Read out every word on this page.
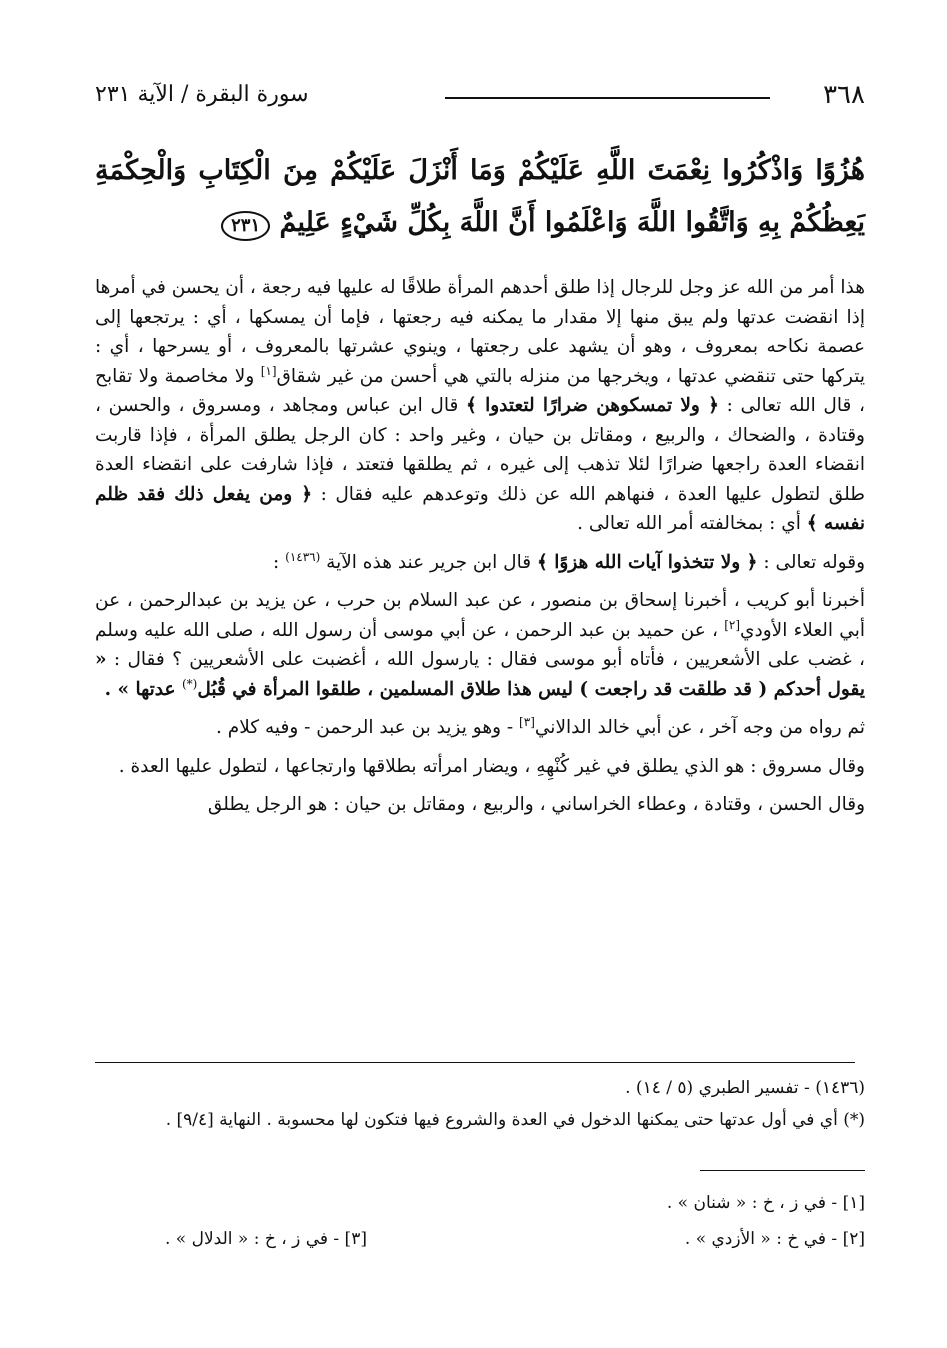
٣٦٨
سورة البقرة / الآية ٢٣١
هُزُوًا وَاذْكُرُوا نِعْمَتَ اللَّهِ عَلَيْكُمْ وَمَا أَنْزَلَ عَلَيْكُمْ مِنَ الْكِتَابِ وَالْحِكْمَةِ يَعِظُكُمْ بِهِ وَاتَّقُوا اللَّهَ وَاعْلَمُوا أَنَّ اللَّهَ بِكُلِّ شَيْءٍ عَلِيمٌ ٢٣١

هذا أمر من الله عز وجل للرجال إذا طلق أحدهم المرأة طلاقًا له عليها فيه رجعة ، أن يحسن في أمرها إذا انقضت عدتها ولم يبق منها إلا مقدار ما يمكنه فيه رجعتها ، فإما أن يمسكها ، أي : يرتجعها إلى عصمة نكاحه بمعروف ، وهو أن يشهد على رجعتها ، وينوي عشرتها بالمعروف ، أو يسرحها ، أي : يتركها حتى تنقضي عدتها ، ويخرجها من منزله بالتي هي أحسن من غير شقاق[١] ولا مخاصمة ولا تقابح ، قال الله تعالى : ﴿ ولا تمسكوهن ضرارًا لتعتدوا ﴾ قال ابن عباس ومجاهد ، ومسروق ، والحسن ، وقتادة ، والضحاك ، والربيع ، ومقاتل بن حيان ، وغير واحد : كان الرجل يطلق المرأة ، فإذا قاربت انقضاء العدة راجعها ضرارًا لئلا تذهب إلى غيره ، ثم يطلقها فتعتد ، فإذا شارفت على انقضاء العدة طلق لتطول عليها العدة ، فنهاهم الله عن ذلك وتوعدهم عليه فقال : ﴿ ومن يفعل ذلك فقد ظلم نفسه ﴾ أي : بمخالفته أمر الله تعالى .

وقوله تعالى : ﴿ ولا تتخذوا آيات الله هزوًا ﴾ قال ابن جرير عند هذه الآية $^{(١٤٣٦)}$ :

أخبرنا أبو كريب ، أخبرنا إسحاق بن منصور ، عن عبد السلام بن حرب ، عن يزيد بن عبدالرحمن ، عن أبي العلاء الأودي[٢] ، عن حميد بن عبد الرحمن ، عن أبي موسى أن رسول الله ، صلى الله عليه وسلم ، غضب على الأشعريين ، فأتاه أبو موسى فقال : يارسول الله ، أغضبت على الأشعريين ؟ فقال : « يقول أحدكم ( قد طلقت قد راجعت ) ليس هذا طلاق المسلمين ، طلقوا المرأة في قُبُل(*) عدتها » .

ثم رواه من وجه آخر ، عن أبي خالد الدالاني[٣] - وهو يزيد بن عبد الرحمن - وفيه كلام .

وقال مسروق : هو الذي يطلق في غير كُنْهِهِ ، ويضار امرأته بطلاقها وارتجاعها ، لتطول عليها العدة .

وقال الحسن ، وقتادة ، وعطاء الخراساني ، والربيع ، ومقاتل بن حيان : هو الرجل يطلق

(١٤٣٦) - تفسير الطبري (٥ / ١٤) .
(*) أي في أول عدتها حتى يمكنها الدخول في العدة والشروع فيها فتكون لها محسوبة . النهاية [٩/٤] .
[١] - في ز ، خ : « شنان » .
[٢] - في خ : « الأزدي » .
[٣] - في ز ، خ : « الدلال » .
